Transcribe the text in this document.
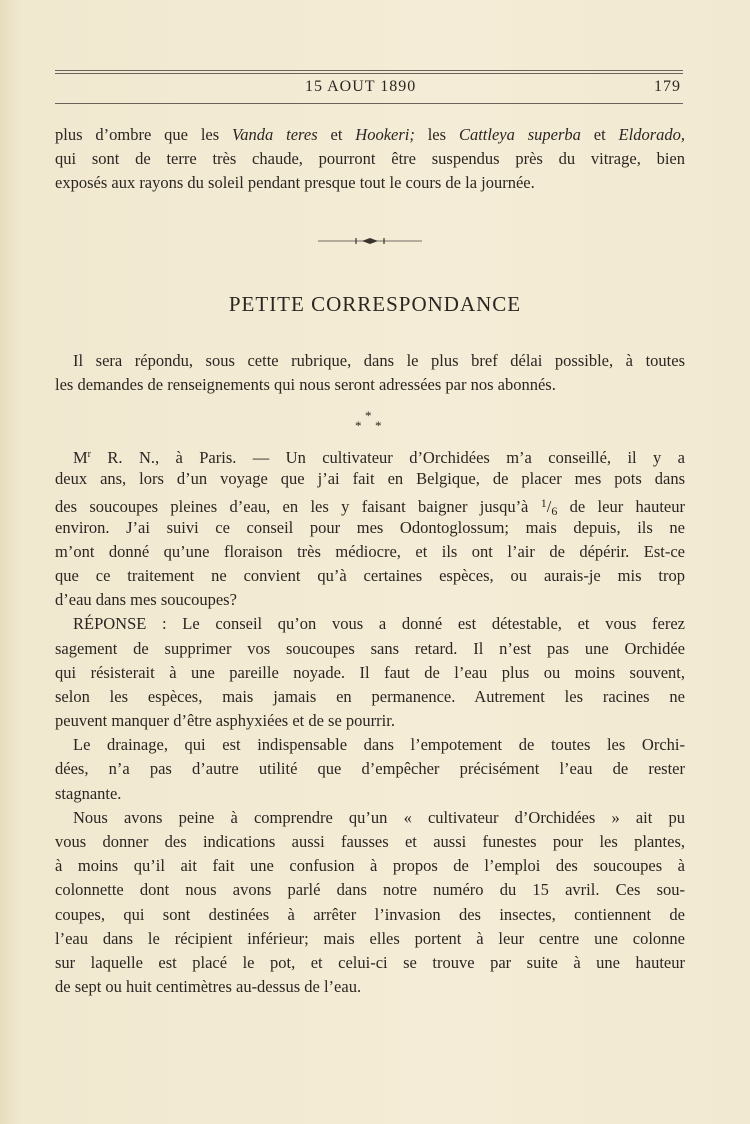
15 AOUT 1890	179
plus d’ombre que les Vanda teres et Hookeri; les Cattleya superba et Eldorado,
qui sont de terre très chaude, pourront être suspendus près du vitrage, bien
exposés aux rayons du soleil pendant presque tout le cours de la journée.
PETITE CORRESPONDANCE
Il sera répondu, sous cette rubrique, dans le plus bref délai possible, à toutes
les demandes de renseignements qui nous seront adressées par nos abonnés.
*
* *
$M^r$ R. N., à Paris. — Un cultivateur d’Orchidées m’a conseillé, il y a
deux ans, lors d’un voyage que j’ai fait en Belgique, de placer mes pots dans
des soucoupes pleines d’eau, en les y faisant baigner jusqu’à $^1$/6 de leur hauteur
environ. J’ai suivi ce conseil pour mes Odontoglossum; mais depuis, ils ne
m’ont donné qu’une floraison très médiocre, et ils ont l’air de dépérir. Est-ce
que ce traitement ne convient qu’à certaines espèces, ou aurais-je mis trop
d’eau dans mes soucoupes?
RÉPONSE : Le conseil qu’on vous a donné est détestable, et vous ferez
sagement de supprimer vos soucoupes sans retard. Il n’est pas une Orchidée
qui résisterait à une pareille noyade. Il faut de l’eau plus ou moins souvent,
selon les espèces, mais jamais en permanence. Autrement les racines ne
peuvent manquer d’être asphyxiées et de se pourrir.
Le drainage, qui est indispensable dans l’empotement de toutes les Orchi-
dées, n’a pas d’autre utilité que d’empêcher précisément l’eau de rester
stagnante.
Nous avons peine à comprendre qu’un « cultivateur d’Orchidées » ait pu
vous donner des indications aussi fausses et aussi funestes pour les plantes,
à moins qu’il ait fait une confusion à propos de l’emploi des soucoupes à
colonnette dont nous avons parlé dans notre numéro du 15 avril. Ces sou-
coupes, qui sont destinées à arrêter l’invasion des insectes, contiennent de
l’eau dans le récipient inférieur; mais elles portent à leur centre une colonne
sur laquelle est placé le pot, et celui-ci se trouve par suite à une hauteur
de sept ou huit centimètres au-dessus de l’eau.
